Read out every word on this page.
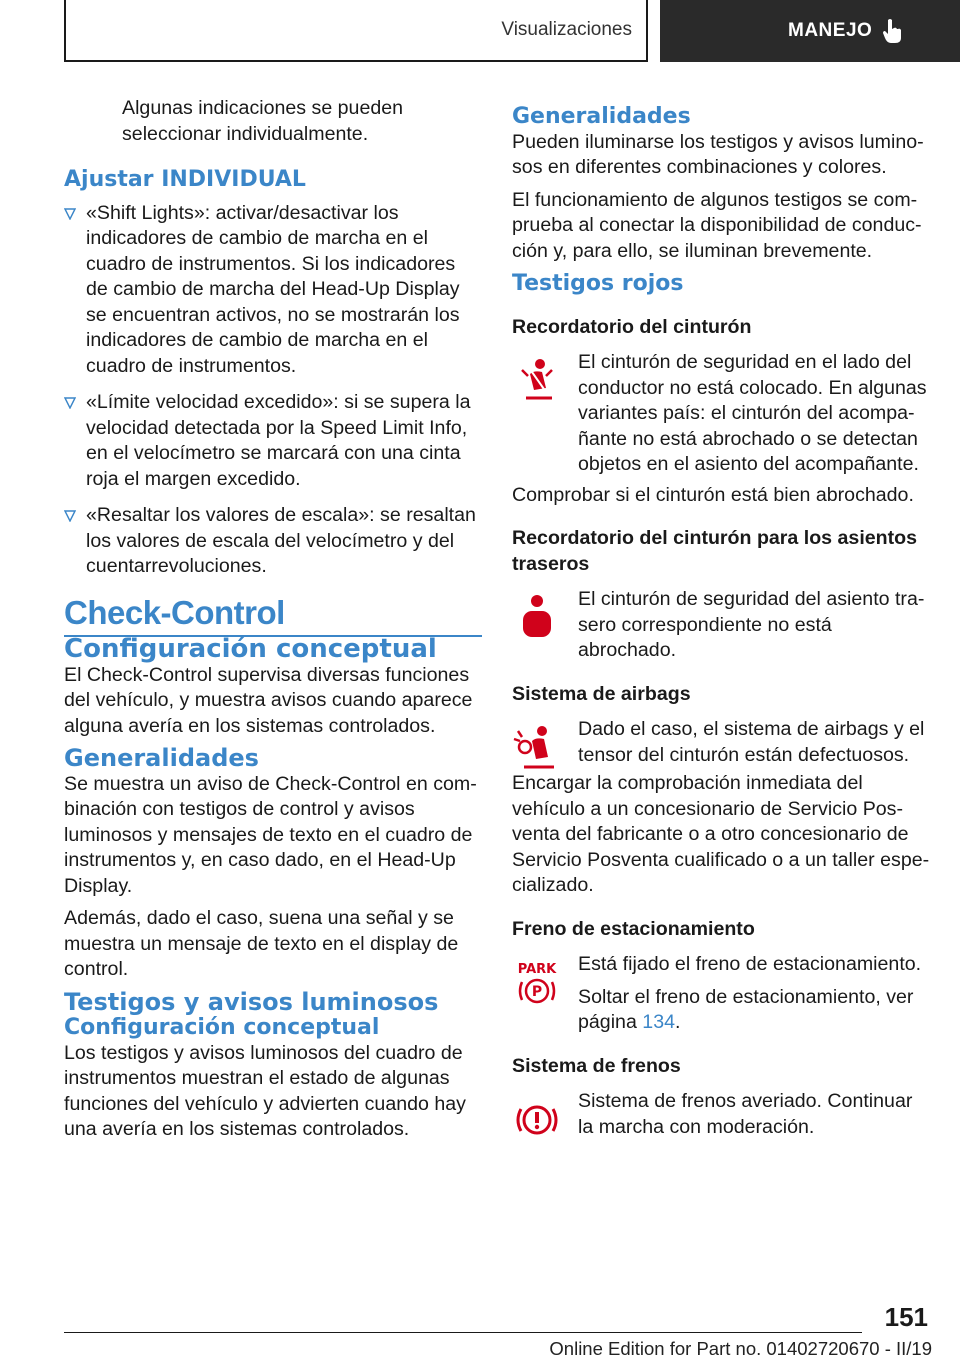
Visualizaciones	MANEJO

Algunas indicaciones se pueden seleccionar individualmente.

Ajustar INDIVIDUAL
«Shift Lights»: activar/desactivar los indicadores de cambio de marcha en el cuadro de instrumentos. Si los indicadores de cambio de marcha del Head-Up Display se encuentran activos, no se mostrarán los indicadores de cambio de marcha en el cuadro de instrumentos.
«Límite velocidad excedido»: si se supera la velocidad detectada por la Speed Limit Info, en el velocímetro se marcará con una cinta roja el margen excedido.
«Resaltar los valores de escala»: se resaltan los valores de escala del velocímetro y del cuentarrevoluciones.
Check-Control
Configuración conceptual

El Check-Control supervisa diversas funciones del vehículo, y muestra avisos cuando aparece alguna avería en los sistemas controlados.

Generalidades

Se muestra un aviso de Check-Control en combinación con testigos de control y avisos luminosos y mensajes de texto en el cuadro de instrumentos y, en caso dado, en el Head-Up Display.

Además, dado el caso, suena una señal y se muestra un mensaje de texto en el display de control.

Testigos y avisos luminosos
Configuración conceptual

Los testigos y avisos luminosos del cuadro de instrumentos muestran el estado de algunas funciones del vehículo y advierten cuando hay una avería en los sistemas controlados.

Generalidades

Pueden iluminarse los testigos y avisos luminosos en diferentes combinaciones y colores.

El funcionamiento de algunos testigos se comprueba al conectar la disponibilidad de conducción y, para ello, se iluminan brevemente.

Testigos rojos
Recordatorio del cinturón

El cinturón de seguridad en el lado del conductor no está colocado. En algunas variantes país: el cinturón del acompañante no está abrochado o se detectan objetos en el asiento del acompañante.

Comprobar si el cinturón está bien abrochado.

Recordatorio del cinturón para los asientos traseros

El cinturón de seguridad del asiento trasero correspondiente no está abrochado.

Sistema de airbags

Dado el caso, el sistema de airbags y el tensor del cinturón están defectuosos.

Encargar la comprobación inmediata del vehículo a un concesionario de Servicio Posventa del fabricante o a otro concesionario de Servicio Posventa cualificado o a un taller especializado.

Freno de estacionamiento
PARK
P

Está fijado el freno de estacionamiento.

Soltar el freno de estacionamiento, ver página 134.

Sistema de frenos

Sistema de frenos averiado. Continuar la marcha con moderación.

151
Online Edition for Part no. 01402720670 - II/19
